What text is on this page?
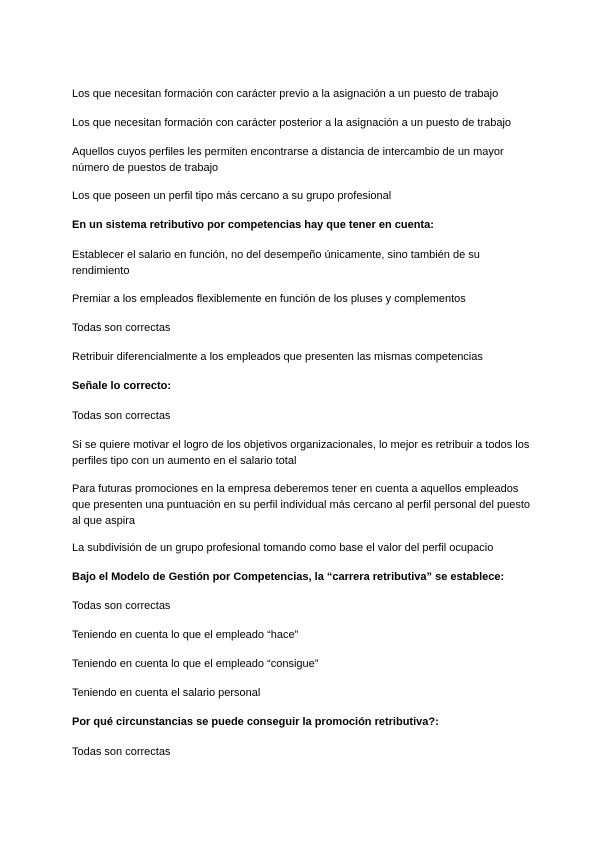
Los que necesitan formación con carácter previo a la asignación a un puesto de trabajo

Los que necesitan formación con carácter posterior a la asignación a un puesto de trabajo

Aquellos cuyos perfiles les permiten encontrarse a distancia de intercambio de un mayor número de puestos de trabajo

Los que poseen un perfil tipo más cercano a su grupo profesional

En un sistema retributivo por competencias hay que tener en cuenta:

Establecer el salario en función, no del desempeño únicamente, sino también de su rendimiento

Premiar a los empleados flexiblemente en función de los pluses y complementos

Todas son correctas

Retribuir diferencialmente a los empleados que presenten las mismas competencias

Señale lo correcto:

Todas son correctas

Si se quiere motivar el logro de los objetivos organizacionales, lo mejor es retribuir a todos los perfiles tipo con un aumento en el salario total

Para futuras promociones en la empresa deberemos tener en cuenta a aquellos empleados que presenten una puntuación en su perfil individual más cercano al perfil personal del puesto al que aspira

La subdivisión de un grupo profesional tomando como base el valor del perfil ocupacio

Bajo el Modelo de Gestión por Competencias, la “carrera retributiva” se establece:

Todas son correctas

Teniendo en cuenta lo que el empleado “hace”

Teniendo en cuenta lo que el empleado “consigue”

Teniendo en cuenta el salario personal

Por qué circunstancias se puede conseguir la promoción retributiva?:

Todas son correctas
